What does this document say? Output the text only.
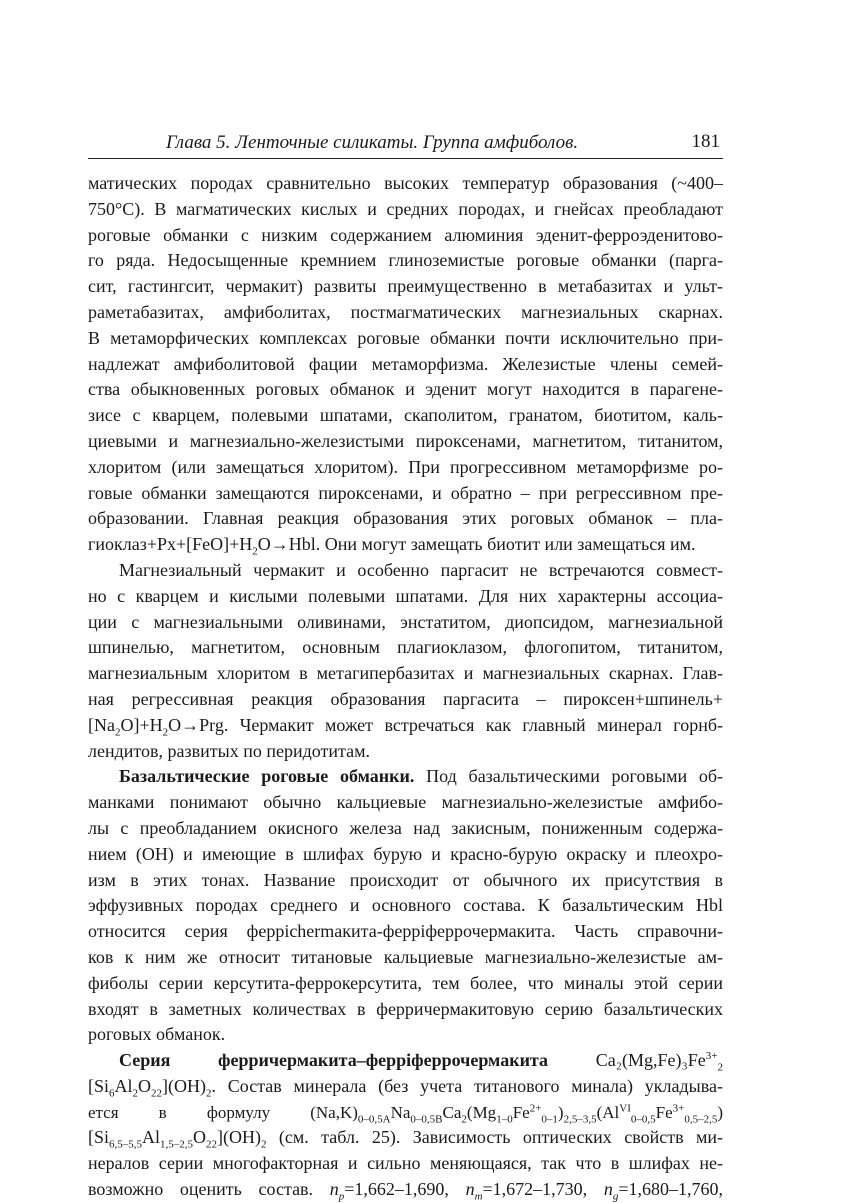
Глава 5. Ленточные силикаты. Группа амфиболов.	181

матических породах сравнительно высоких температур образования (~400–
750°С). В магматических кислых и средних породах, и гнейсах преобладают
роговые обманки с низким содержанием алюминия эденит-ферроэденитово-
го ряда. Недосыщенные кремнием глиноземистые роговые обманки (парга-
сит, гастингсит, чермакит) развиты преимущественно в метабазитах и ульт-
раметабазитах, амфиболитах, постмагматических магнезиальных скарнах.
В метаморфических комплексах роговые обманки почти исключительно при-
надлежат амфиболитовой фации метаморфизма. Железистые члены семей-
ства обыкновенных роговых обманок и эденит могут находится в парагене-
зисе с кварцем, полевыми шпатами, скаполитом, гранатом, биотитом, каль-
циевыми и магнезиально-железистыми пироксенами, магнетитом, титанитом,
хлоритом (или замещаться хлоритом). При прогрессивном метаморфизме ро-
говые обманки замещаются пироксенами, и обратно – при регрессивном пре-
образовании. Главная реакция образования этих роговых обманок – пла-
$гиоклаз+Px+[FeO]+H_2O\to Hbl$. Они могут замещать биотит или замещаться им.

Магнезиальный чермакит и особенно паргасит не встречаются совмест-
но с кварцем и кислыми полевыми шпатами. Для них характерны ассоциа-
ции с магнезиальными оливинами, энстатитом, диопсидом, магнезиальной
шпинелью, магнетитом, основным плагиоклазом, флогопитом, титанитом,
магнезиальным хлоритом в метагипербазитах и магнезиальных скарнах. Глав-
ная регрессивная реакция образования паргасита – пироксен+шпинель+
$[Na_2O]+H_2O\to Prg$. Чермакит может встречаться как главный минерал горнб-
лендитов, развитых по перидотитам.

Базальтические роговые обманки. Под базальтическими роговыми об-
манками понимают обычно кальциевые магнезиально-железистые амфибо-
лы с преобладанием окисного железа над закисным, пониженным содержа-
нием (ОН) и имеющие в шлифах бурую и красно-бурую окраску и плеохро-
изм в этих тонах. Название происходит от обычного их присутствия в
эффузивных породах среднего и основного состава. К базальтическим Hbl
относится серия феррichermакита-феррiферрочермакита. Часть справочни-
ков к ним же относит титановые кальциевые магнезиально-железистые ам-
фиболы серии керсутита-феррокерсутита, тем более, что миналы этой серии
входят в заметных количествах в ферричермакитовую серию базальтических
роговых обманок.

Серия ферричермакита–феррiферрочермакита $Ca_2(Mg,Fe)_3Fe^{3+}_2$
$[Si_6Al_2O_{22}](OH)_2$. Состав минерала (без учета титанового минала) укладыва-
ется в формулу $(Na,K)_{0-0,5A}Na_{0-0,5B}Ca_2(Mg_{1-0}Fe^{2+}_{0-1})_{2,5-3,5}(Al^{VI}_{0-0,5}Fe^{3+}_{0,5-2,5})$
$[Si_{6,5-5,5}Al_{1,5-2,5}O_{22}](OH)_2$ (см. табл. 25). Зависимость оптических свойств ми-
нералов серии многофакторная и сильно меняющаяся, так что в шлифах не-
возможно оценить состав. $n_p=1,662-1,690$, $n_m=1,672-1,730$, $n_g=1,680-1,760$,
